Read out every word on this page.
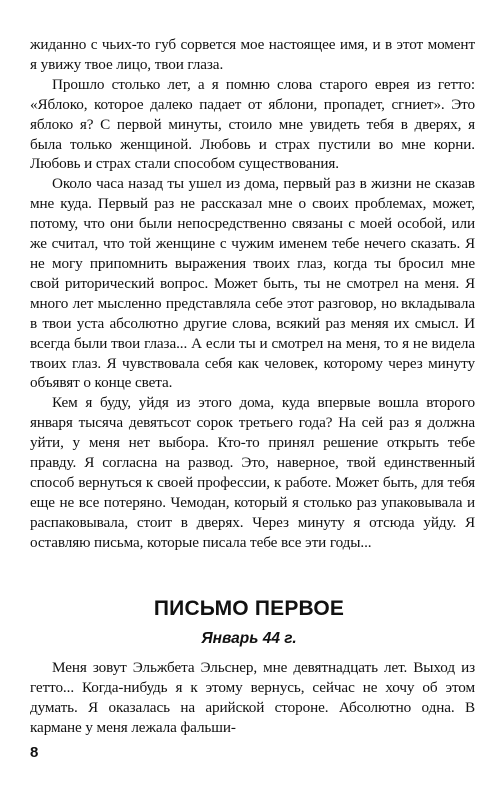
жиданно с чьих-то губ сорвется мое настоящее имя, и в этот момент я увижу твое лицо, твои глаза.

Прошло столько лет, а я помню слова старого еврея из гетто: «Яблоко, которое далеко падает от яблони, пропадет, сгниет». Это яблоко я? С первой минуты, стоило мне увидеть тебя в дверях, я была только женщиной. Любовь и страх пустили во мне корни. Любовь и страх стали способом существования.

Около часа назад ты ушел из дома, первый раз в жизни не сказав мне куда. Первый раз не рассказал мне о своих проблемах, может, потому, что они были непосредственно связаны с моей особой, или же считал, что той женщине с чужим именем тебе нечего сказать. Я не могу припомнить выражения твоих глаз, когда ты бросил мне свой риторический вопрос. Может быть, ты не смотрел на меня. Я много лет мысленно представляла себе этот разговор, но вкладывала в твои уста абсолютно другие слова, всякий раз меняя их смысл. И всегда были твои глаза... А если ты и смотрел на меня, то я не видела твоих глаз. Я чувствовала себя как человек, которому через минуту объявят о конце света.

Кем я буду, уйдя из этого дома, куда впервые вошла второго января тысяча девятьсот сорок третьего года? На сей раз я должна уйти, у меня нет выбора. Кто-то принял решение открыть тебе правду. Я согласна на развод. Это, наверное, твой единственный способ вернуться к своей профессии, к работе. Может быть, для тебя еще не все потеряно. Чемодан, который я столько раз упаковывала и распаковывала, стоит в дверях. Через минуту я отсюда уйду. Я оставляю письма, которые писала тебе все эти годы...

ПИСЬМО ПЕРВОЕ
Январь 44 г.

Меня зовут Эльжбета Эльснер, мне девятнадцать лет. Выход из гетто... Когда-нибудь я к этому вернусь, сейчас не хочу об этом думать. Я оказалась на арийской стороне. Абсолютно одна. В кармане у меня лежала фальши-

8
